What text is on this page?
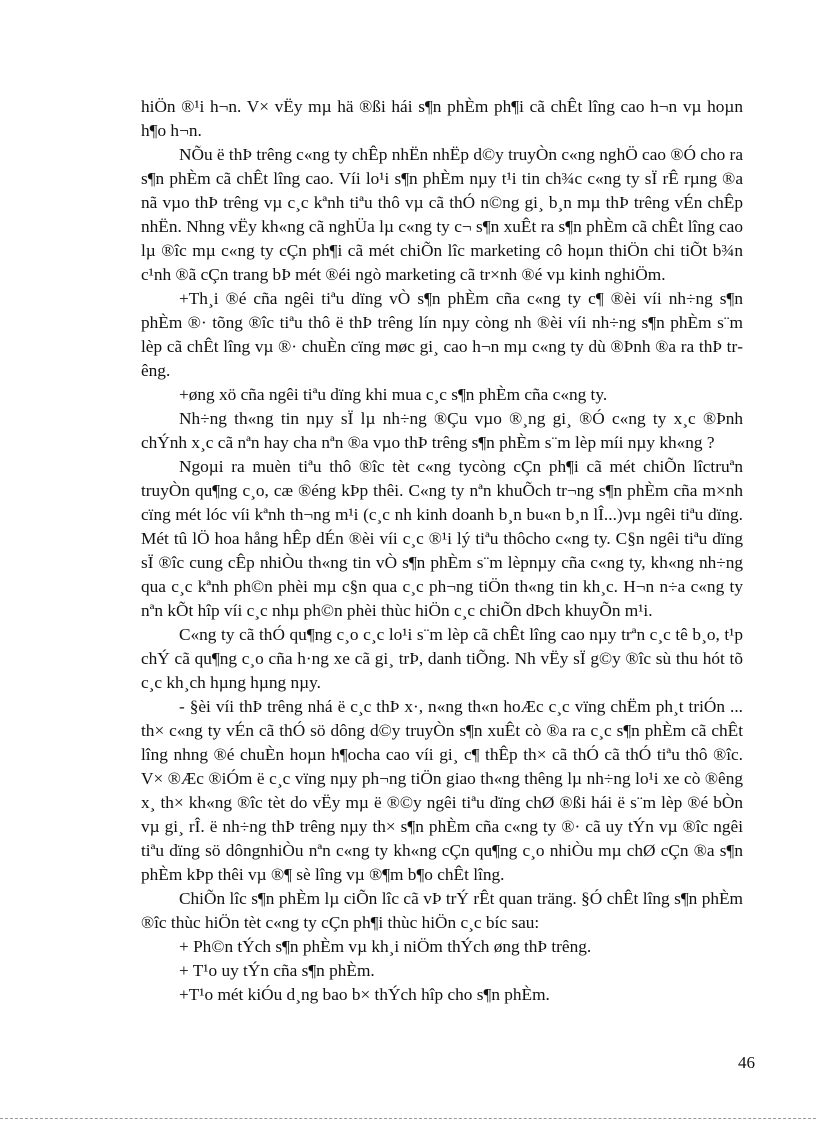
hiÖn ®¹i h¬n. V× vËy mµ hä ®ßi hái s¶n phÈm ph¶i cã chÊt lîng cao h¬n vµ hoµn h¶o h¬n.

NÕu ë thÞ trêng c«ng ty chÊp nhËn nhËp d©y truyÒn c«ng nghÖ cao ®Ó cho ra s¶n phÈm cã chÊt lîng cao. Víi lo¹i s¶n phÈm nµy t¹i tin ch¾c c«ng ty sÏ rÊ rµng ®a nã vµo thÞ trêng vµ c¸c kªnh tiªu thô vµ cã thÓ n©ng gi¸ b¸n mµ thÞ trêng vÉn chÊp nhËn. Nhng vËy kh«ng cã nghÜa lµ c«ng ty c¬ s¶n xuÊt ra s¶n phÈm cã chÊt lîng cao lµ ®îc mµ c«ng ty cÇn ph¶i cã mét chiÕn lîc marketing cô hoµn thiÖn chi tiÕt b¾n c¹nh ®ã cÇn trang bÞ mét ®éi ngò marketing cã tr×nh ®é vµ kinh nghiÖm.

+Th¸i ®é cña ngêi tiªu dïng vÒ s¶n phÈm cña c«ng ty c¶ ®èi víi nh÷ng s¶n phÈm ®· tõng ®îc tiªu thô ë thÞ trêng lín nµy còng nh ®èi víi nh÷ng s¶n phÈm s¨m lèp cã chÊt lîng vµ ®· chuÈn cïng møc gi¸ cao h¬n mµ c«ng ty dù ®Þnh ®a ra thÞ trêng.

+øng xö cña ngêi tiªu dïng khi mua c¸c s¶n phÈm cña c«ng ty.

Nh÷ng th«ng tin nµy sÏ lµ nh÷ng ®Çu vµo ®¸ng gi¸ ®Ó c«ng ty x¸c ®Þnh chÝnh x¸c cã nªn hay cha nªn ®a vµo thÞ trêng s¶n phÈm s¨m lèp míi nµy kh«ng ?

Ngoµi ra muèn tiªu thô ®îc tèt c«ng tycòng cÇn ph¶i cã mét chiÕn lîctruªn truyÒn qu¶ng c¸o, cæ ®éng kÞp thêi. C«ng ty nªn khuÕch tr¬ng s¶n phÈm cña m×nh cïng mét lóc víi kªnh th¬ng m¹i (c¸c nh kinh doanh b¸n bu«n b¸n lÎ...)vµ ngêi tiªu dïng. Mét tû lÖ hoa hång hÊp dÉn ®èi víi c¸c ®¹i lý tiªu thôcho c«ng ty. C§n ngêi tiªu dïng sÏ ®îc cung cÊp nhiÒu th«ng tin vÒ s¶n phÈm s¨m lèpnµy cña c«ng ty, kh«ng nh÷ng qua c¸c kªnh ph©n phèi mµ c§n qua c¸c ph¬ng tiÖn th«ng tin kh¸c. H¬n n÷a c«ng ty nªn kÕt hîp víi c¸c nhµ ph©n phèi thùc hiÖn c¸c chiÕn dÞch khuyÕn m¹i.

C«ng ty cã thÓ qu¶ng c¸o c¸c lo¹i s¨m lèp cã chÊt lîng cao nµy trªn c¸c tê b¸o, t¹p chÝ cã qu¶ng c¸o cña h·ng xe cã gi¸ trÞ, danh tiÕng. Nh vËy sÏ g©y ®îc sù thu hót tõ c¸c kh¸ch hµng hµng nµy.

- §èi víi thÞ trêng nhá ë c¸c thÞ x·, n«ng th«n hoÆc c¸c vïng chËm ph¸t triÓn ... th× c«ng ty vÉn cã thÓ sö dông d©y truyÒn s¶n xuÊt cò ®a ra c¸c s¶n phÈm cã chÊt lîng nhng ®é chuÈn hoµn h¶ocha cao víi gi¸ c¶ thÊp th× cã thÓ cã thÓ tiªu thô ®îc. V× ®Æc ®iÓm ë c¸c vïng nµy ph¬ng tiÖn giao th«ng thêng lµ nh÷ng lo¹i xe cò ®êng x¸ th× kh«ng ®îc tèt do vËy mµ ë ®©y ngêi tiªu dïng chØ ®ßi hái ë s¨m lèp ®é bÒn vµ gi¸ rÎ. ë nh÷ng thÞ trêng nµy th× s¶n phÈm cña c«ng ty ®· cã uy tÝn vµ ®îc ngêi tiªu dïng sö dôngnhiÒu nªn c«ng ty kh«ng cÇn qu¶ng c¸o nhiÒu mµ chØ cÇn ®a s¶n phÈm kÞp thêi vµ ®¶ sè lîng vµ ®¶m b¶o chÊt lîng.

ChiÕn lîc s¶n phÈm lµ ciÕn lîc cã vÞ trÝ rÊt quan träng. §Ó chÊt lîng s¶n phÈm ®îc thùc hiÖn tèt c«ng ty cÇn ph¶i thùc hiÖn c¸c bíc sau:

+ Ph©n tÝch s¶n phÈm vµ kh¸i niÖm thÝch øng thÞ trêng.

+ T¹o uy tÝn cña s¶n phÈm.

+T¹o mét kiÓu d¸ng bao b× thÝch hîp cho s¶n phÈm.

46
